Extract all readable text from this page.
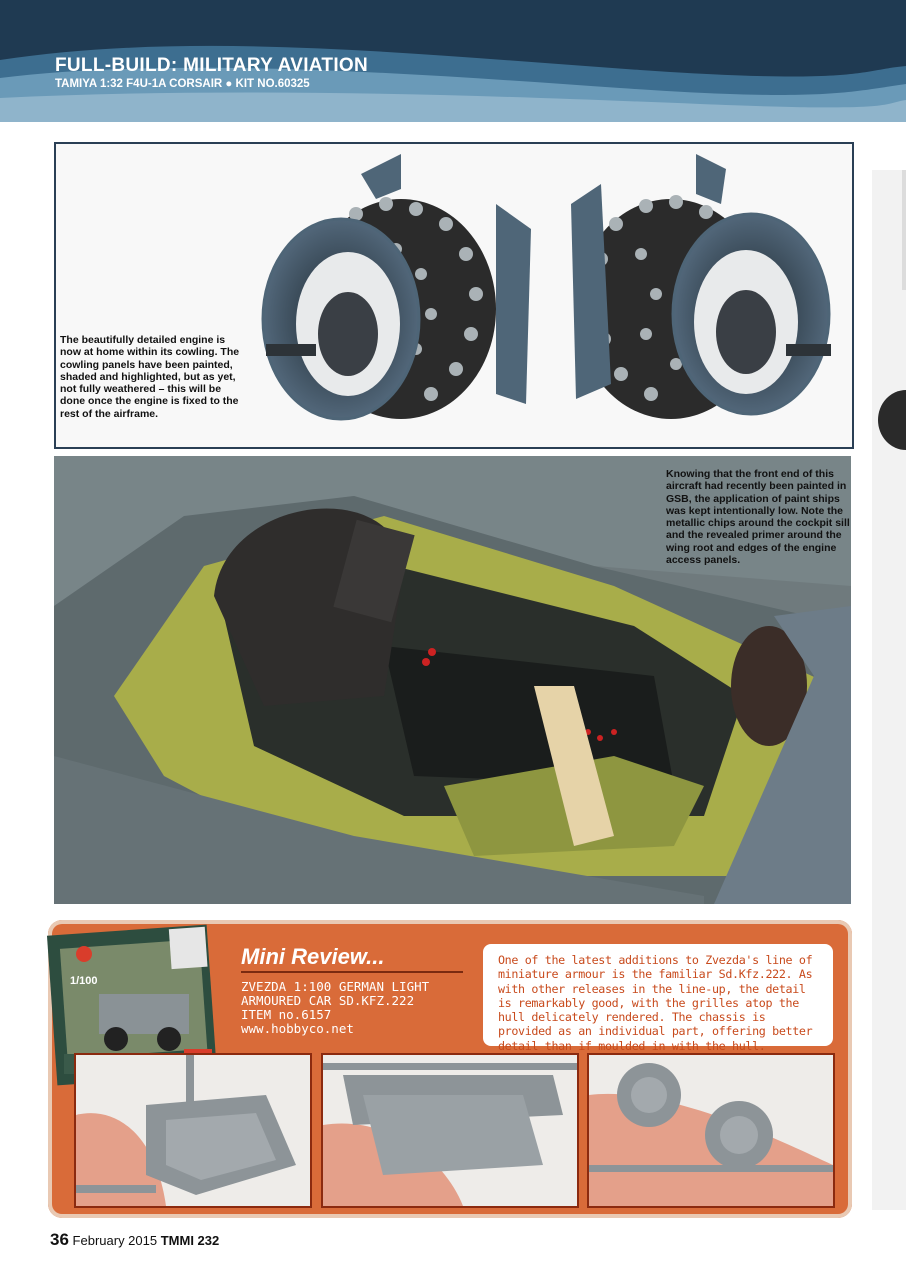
FULL-BUILD: MILITARY AVIATION
TAMIYA 1:32 F4U-1A CORSAIR ● KIT NO.60325
The beautifully detailed engine is now at home within its cowling. The cowling panels have been painted, shaded and highlighted, but as yet, not fully weathered – this will be done once the engine is fixed to the rest of the airframe.
Knowing that the front end of this aircraft had recently been painted in GSB, the application of paint ships was kept intentionally low. Note the metallic chips around the cockpit sill and the revealed primer around the wing root and edges of the engine access panels.
1/100
Mini Review...
ZVEZDA 1:100 GERMAN LIGHT
ARMOURED CAR SD.KFZ.222
ITEM no.6157
www.hobbyco.net
One of the latest additions to Zvezda's line of miniature armour is the familiar Sd.Kfz.222. As with other releases in the line-up, the detail is remarkably good, with the grilles atop the hull delicately rendered. The chassis is provided as an individual part, offering better detail than if moulded in with the hull.
36 February 2015 TMMI 232
